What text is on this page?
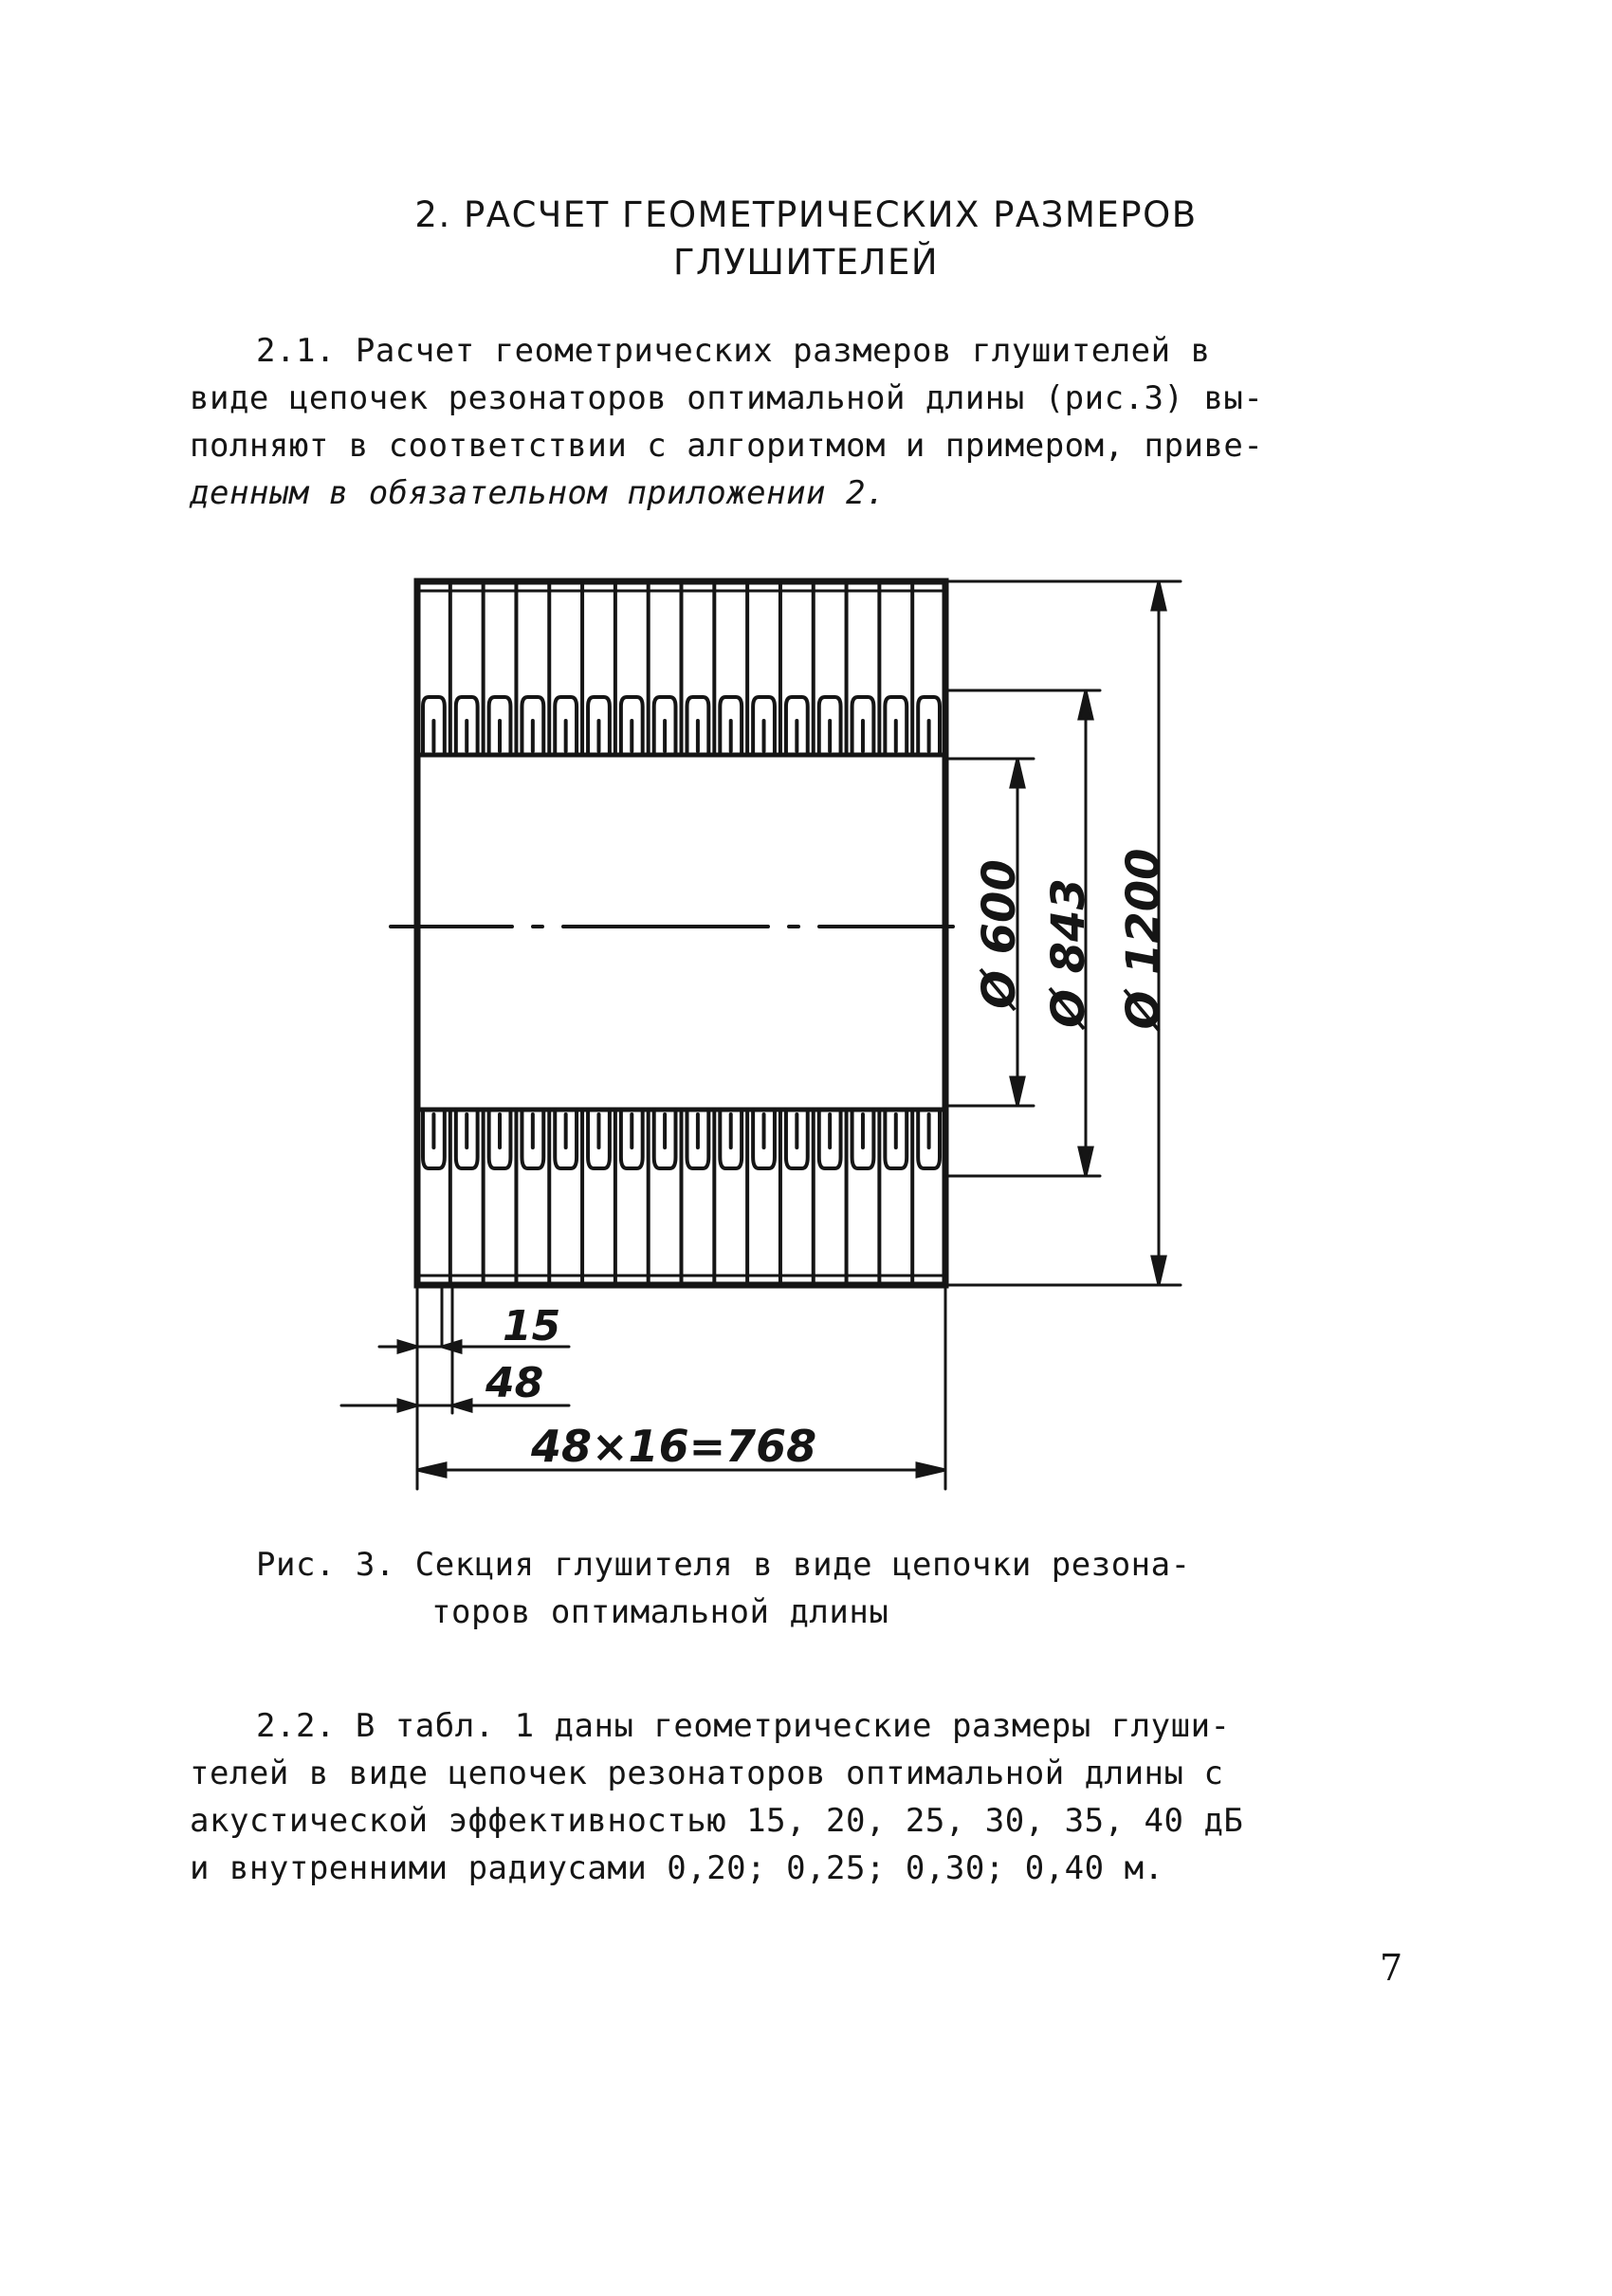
2. РАСЧЕТ ГЕОМЕТРИЧЕСКИХ РАЗМЕРОВ
ГЛУШИТЕЛЕЙ
2.1. Расчет геометрических размеров глушителей в
виде цепочек резонаторов оптимальной длины (рис.3) вы-
полняют в соответствии с алгоритмом и примером, приве-
денным в обязательном приложении 2.
Ø 600 Ø 843 Ø 1200
15
48
48×16=768
Рис. 3. Секция глушителя в виде цепочки резона-
торов оптимальной длины
2.2. В табл. 1 даны геометрические размеры глуши-
телей в виде цепочек резонаторов оптимальной длины с
акустической эффективностью 15, 20, 25, 30, 35, 40 дБ
и внутренними радиусами 0,20; 0,25; 0,30; 0,40 м.
7
